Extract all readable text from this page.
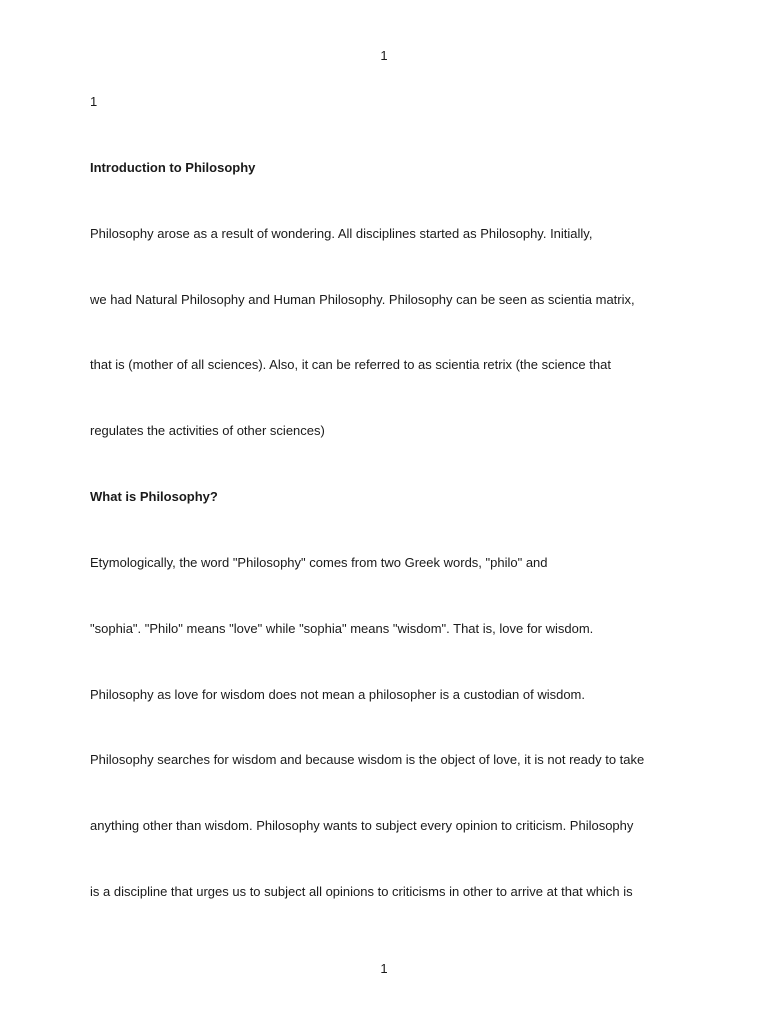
1
1
Introduction to Philosophy
Philosophy arose as a result of wondering. All disciplines started as Philosophy. Initially,
we had Natural Philosophy and Human Philosophy. Philosophy can be seen as scientia matrix,
that is (mother of all sciences). Also, it can be referred to as scientia retrix (the science that
regulates the activities of other sciences)
What is Philosophy?
Etymologically, the word "Philosophy" comes from two Greek words, "philo" and
"sophia". "Philo" means "love" while "sophia" means "wisdom". That is, love for wisdom.
Philosophy as love for wisdom does not mean a philosopher is a custodian of wisdom.
Philosophy searches for wisdom and because wisdom is the object of love, it is not ready to take
anything other than wisdom. Philosophy wants to subject every opinion to criticism. Philosophy
is a discipline that urges us to subject all opinions to criticisms in other to arrive at that which is
1
